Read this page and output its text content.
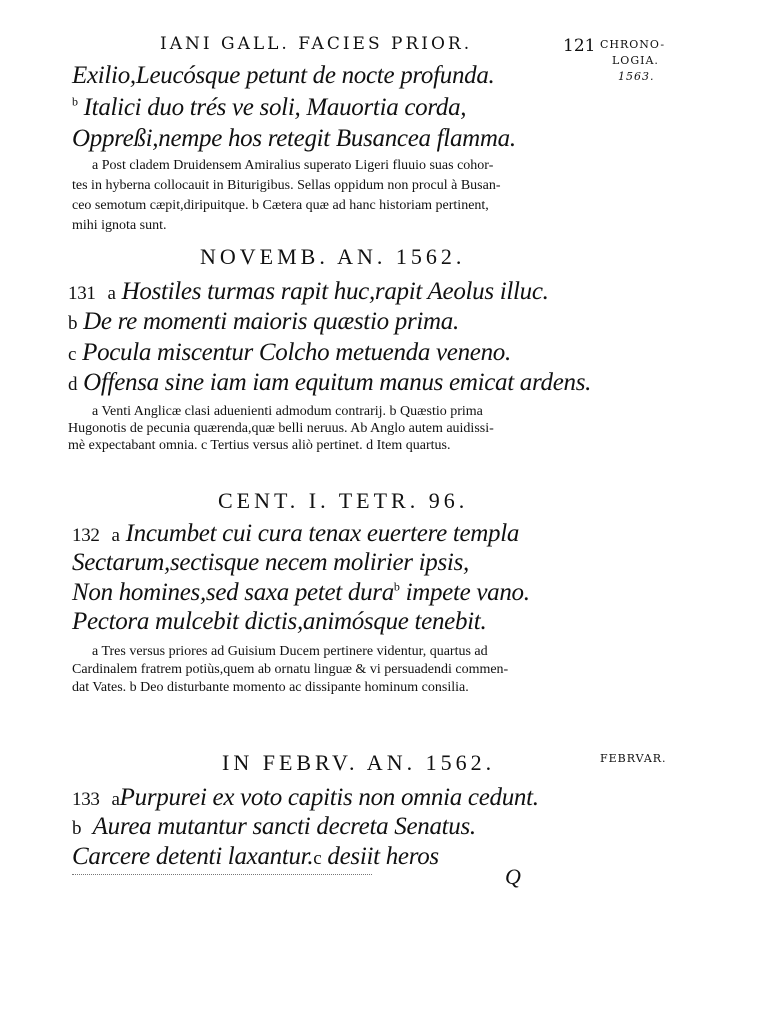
IANI GALL. FACIES PRIOR.	121 CHRONO-
LOGIA.
1563.
Exilio,Leucósque petunt de nocte profunda.
$^b$ Italici duo trés ve soli, Mauortia corda,
Oppreßi,nempe hos retegit Busancea flamma.
a Post cladem Druidensem Amiralius superato Ligeri fluuio suas cohor-
tes in hyberna collocauit in Biturigibus. Sellas oppidum non procul à Busan-
ceo semotum cæpit,diripuitque. b Cætera quæ ad hanc historiam pertinent,
mihi ignota sunt.
NOVEMB. AN. 1562.
131 a Hostiles turmas rapit huc,rapit Aeolus illuc.
b De re momenti maioris quæstio prima.
c Pocula miscentur Colcho metuenda veneno.
d Offensa sine iam iam equitum manus emicat ardens.
a Venti Anglicæ clasi aduenienti admodum contrarij. b Quæstio prima
Hugonotis de pecunia quærenda,quæ belli neruus. Ab Anglo autem auidissi-
mè expectabant omnia. c Tertius versus aliò pertinet. d Item quartus.
CENT. I. TETR. 96.
132 a Incumbet cui cura tenax euertere templa
Sectarum,sectisque necem molirier ipsis,
Non homines,sed saxa petet dura$^b$ impete vano.
Pectora mulcebit dictis,animósque tenebit.
a Tres versus priores ad Guisium Ducem pertinere videntur, quartus ad
Cardinalem fratrem potiùs,quem ab ornatu linguæ & vi persuadendi commen-
dat Vates. b Deo disturbante momento ac dissipante hominum consilia.
IN FEBRV. AN. 1562.	FEBRVAR.
133 aPurpurei ex voto capitis non omnia cedunt.
b Aurea mutantur sancti decreta Senatus.
Carcere detenti laxantur.c desiit heros
Q
